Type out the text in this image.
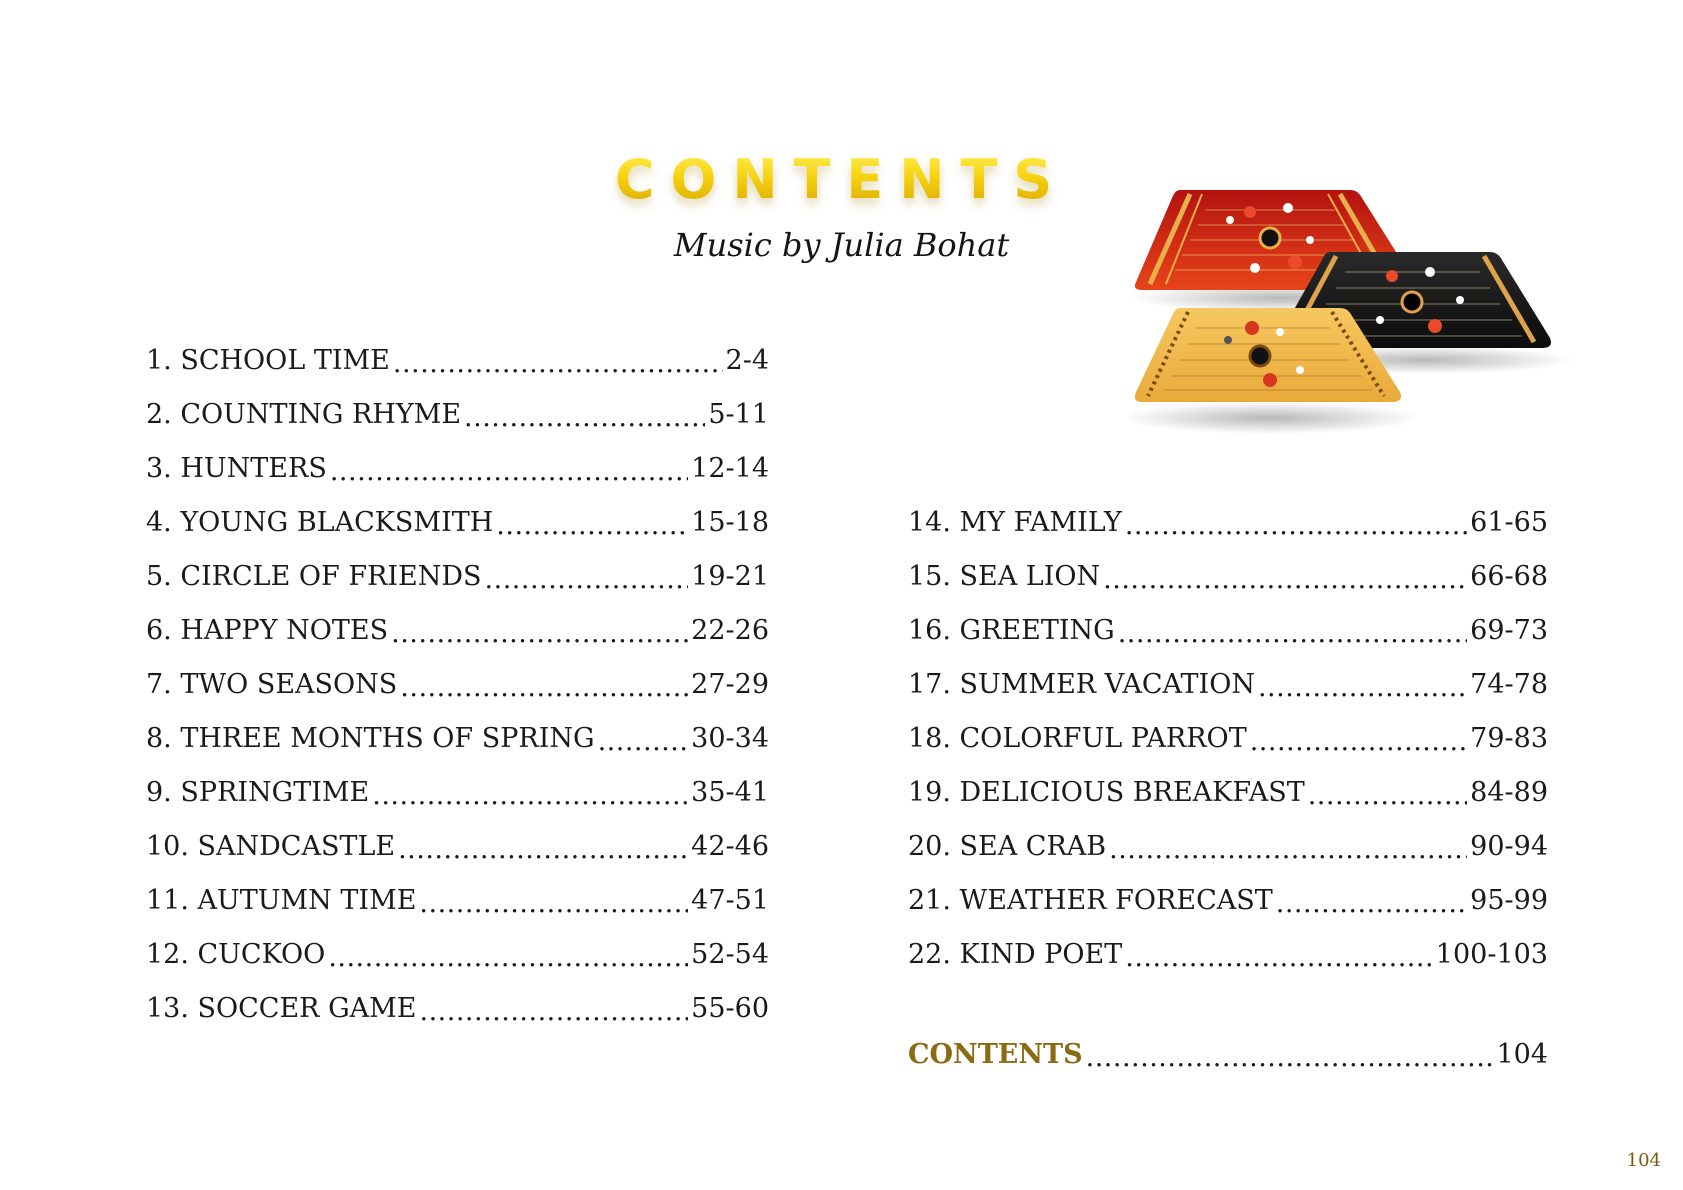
CONTENTS
Music by Julia Bohat
1. SCHOOL TIME .....	2-4
2. COUNTING RHYME .....	5-11
3. HUNTERS .....	12-14
4. YOUNG BLACKSMITH .....	15-18
5. CIRCLE OF FRIENDS .....	19-21
6. HAPPY NOTES .....	22-26
7. TWO SEASONS .....	27-29
8. THREE MONTHS OF SPRING .....	30-34
9. SPRINGTIME .....	35-41
10. SANDCASTLE .....	42-46
11. AUTUMN TIME .....	47-51
12. CUCKOO .....	52-54
13. SOCCER GAME .....	55-60
14. MY FAMILY .....	61-65
15. SEA LION .....	66-68
16. GREETING .....	69-73
17. SUMMER VACATION .....	74-78
18. COLORFUL PARROT .....	79-83
19. DELICIOUS BREAKFAST .....	84-89
20. SEA CRAB .....	90-94
21. WEATHER FORECAST .....	95-99
22. KIND POET .....	100-103
CONTENTS .....	104
104
